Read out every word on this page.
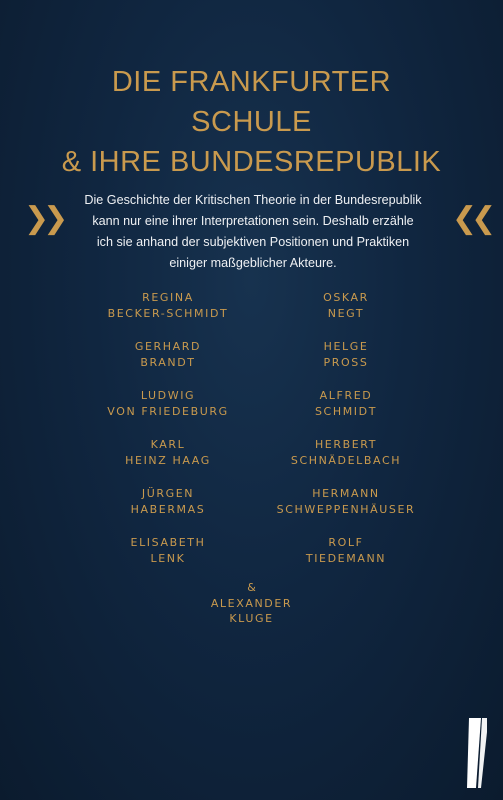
DIE FRANKFURTER
SCHULE
& IHRE BUNDESREPUBLIK
❯❯
Die Geschichte der Kritischen Theorie in der Bundesrepublik
kann nur eine ihrer Interpretationen sein. Deshalb erzähle
ich sie anhand der subjektiven Positionen und Praktiken
einiger maßgeblicher Akteure.
❮❮
REGINA
BECKER-SCHMIDT
GERHARD
BRANDT
LUDWIG
VON FRIEDEBURG
KARL
HEINZ HAAG
JÜRGEN
HABERMAS
ELISABETH
LENK
OSKAR
NEGT
HELGE
PROSS
ALFRED
SCHMIDT
HERBERT
SCHNÄDELBACH
HERMANN
SCHWEPPENHÄUSER
ROLF
TIEDEMANN
&
ALEXANDER
KLUGE
